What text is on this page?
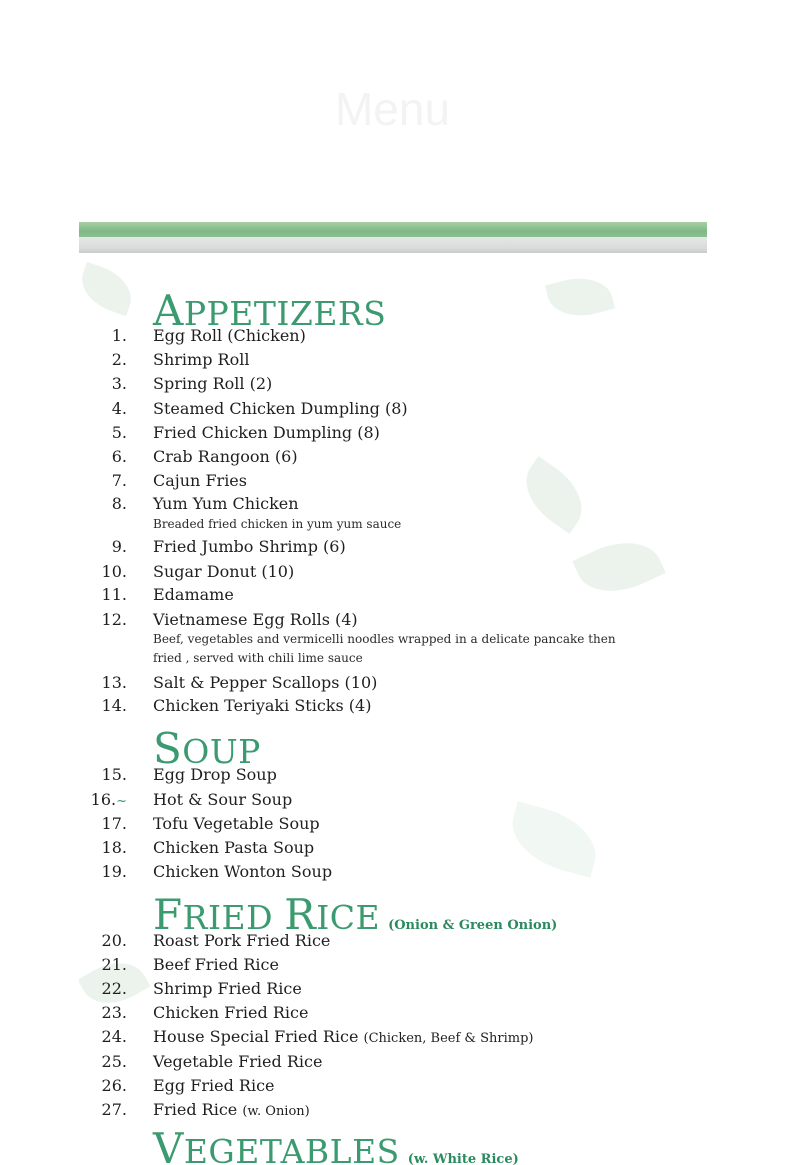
Menu
APPETIZERS
1. Egg Roll (Chicken)
2. Shrimp Roll
3. Spring Roll (2)
4. Steamed Chicken Dumpling (8)
5. Fried Chicken Dumpling (8)
6. Crab Rangoon (6)
7. Cajun Fries
8. Yum Yum Chicken
Breaded fried chicken in yum yum sauce
9. Fried Jumbo Shrimp (6)
10. Sugar Donut (10)
11. Edamame
12. Vietnamese Egg Rolls (4)
Beef, vegetables and vermicelli noodles wrapped in a delicate pancake then
fried , served with chili lime sauce
13. Salt & Pepper Scallops (10)
14. Chicken Teriyaki Sticks (4)
SOUP
15. Egg Drop Soup
16.~ Hot & Sour Soup
17. Tofu Vegetable Soup
18. Chicken Pasta Soup
19. Chicken Wonton Soup
FRIED RICE (Onion & Green Onion)
20. Roast Pork Fried Rice
21. Beef Fried Rice
22. Shrimp Fried Rice
23. Chicken Fried Rice
24. House Special Fried Rice (Chicken, Beef & Shrimp)
25. Vegetable Fried Rice
26. Egg Fried Rice
27. Fried Rice (w. Onion)
VEGETABLES (w. White Rice)
